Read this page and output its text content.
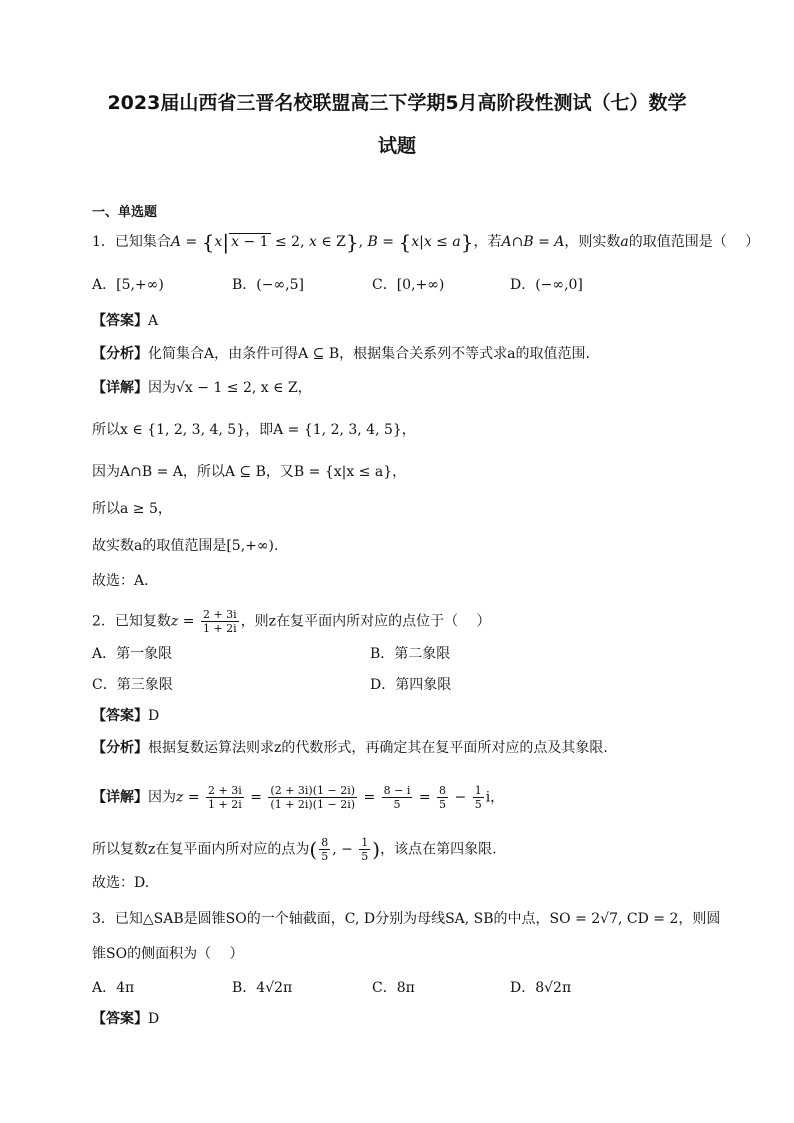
2023届山西省三晋名校联盟高三下学期5月高阶段性测试（七）数学
试题
一、单选题
1．已知集合A = {x| x − 1 ≤ 2, x ∈ Z}, B = {x|x ≤ a}，若A∩B = A，则实数a的取值范围是（　 ）
A．[5,+∞)	B．(−∞,5]	C．[0,+∞)	D．(−∞,0]
【答案】A
【分析】化简集合A，由条件可得A ⊆ B，根据集合关系列不等式求a的取值范围.
【详解】因为√x − 1 ≤ 2, x ∈ Z，
所以x ∈ {1, 2, 3, 4, 5}，即A = {1, 2, 3, 4, 5}，
因为A∩B = A，所以A ⊆ B，又B = {x|x ≤ a}，
所以a ≥ 5，
故实数a的取值范围是[5,+∞).
故选：A.
2．已知复数$z = \frac{2 + 3i}{1 + 2i}$ ，则z在复平面内所对应的点位于（　 ）
A．第一象限	B．第二象限
C．第三象限	D．第四象限
【答案】D
【分析】根据复数运算法则求z的代数形式，再确定其在复平面所对应的点及其象限.
【详解】因为$z = \frac{2 + 3i}{1 + 2i} = \frac{(2 + 3i)(1 - 2i)}{(1 + 2i)(1 - 2i)} = \frac{8 - i}{5} = \frac{8}{5} - \frac{1}{5}$ i，
所以复数z在复平面内所对应的点为( $\frac{8}{5}$ , − $\frac{1}{5}$ )，该点在第四象限.
故选：D.
3．已知△SAB是圆锥SO的一个轴截面，C, D分别为母线SA, SB的中点，SO = 2√7, CD = 2，则圆
锥SO的侧面积为（　 ）
A．4π	B．4√2π	C．8π	D．8√2π
【答案】D
